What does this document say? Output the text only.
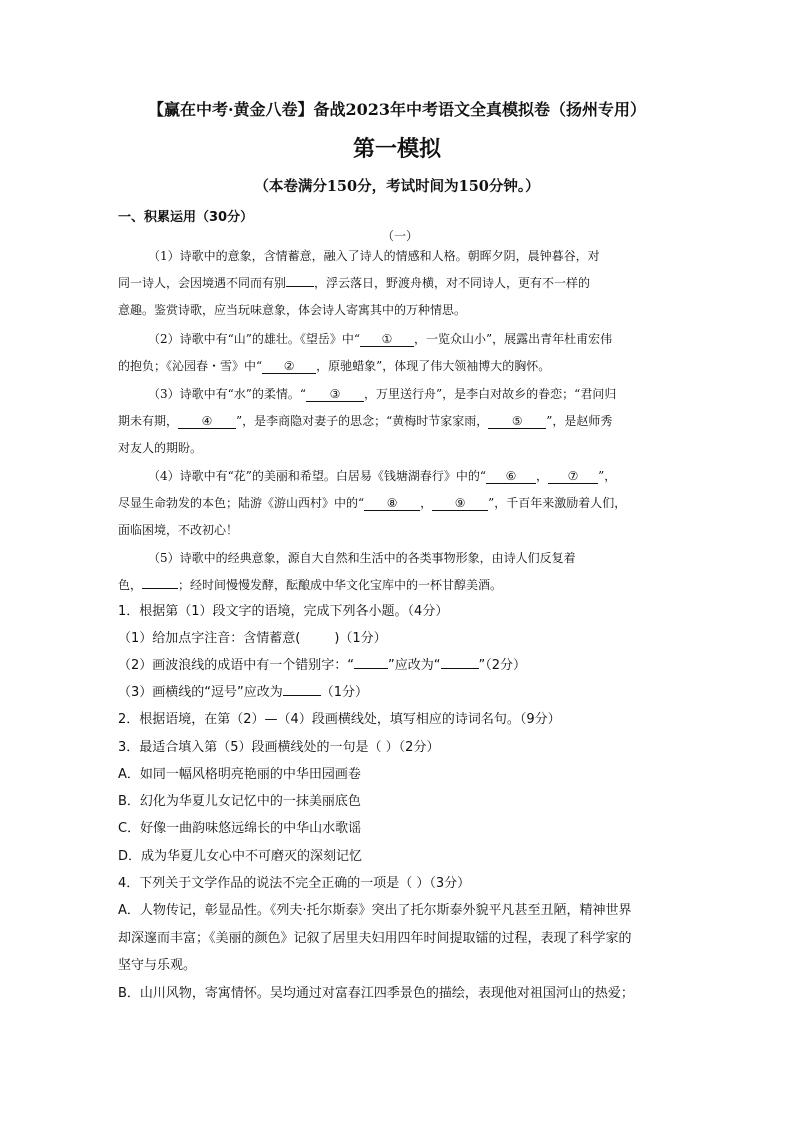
【赢在中考·黄金八卷】备战2023年中考语文全真模拟卷（扬州专用）
第一模拟
（本卷满分150分，考试时间为150分钟。）
一、积累运用（30分）
（一）
（1）诗歌中的意象，含情蓄意，融入了诗人的情感和人格。朝晖夕阴，晨钟暮谷，对
同一诗人，会因境遇不同而有别 ，浮云落日，野渡舟横，对不同诗人，更有不一样的
意趣。鉴赏诗歌，应当玩味意象，体会诗人寄寓其中的万种情思。
（2）诗歌中有“山”的雄壮。《望岳》中“ ① ，一览众山小”，展露出青年杜甫宏伟
的抱负；《沁园春・雪》中“ ② ，原驰蜡象”，体现了伟大领袖博大的胸怀。
（3）诗歌中有“水”的柔情。“ ③ ，万里送行舟”，是李白对故乡的眷恋；“君问归
期未有期， ④ ”，是李商隐对妻子的思念；“黄梅时节家家雨， ⑤ ”，是赵师秀
对友人的期盼。
（4）诗歌中有“花”的美丽和希望。白居易《钱塘湖春行》中的“ ⑥ ， ⑦ ”，
尽显生命勃发的本色；陆游《游山西村》中的“ ⑧ ， ⑨ ”，千百年来激励着人们，
面临困境，不改初心！
（5）诗歌中的经典意象，源自大自然和生活中的各类事物形象，由诗人们反复着
色，	；经时间慢慢发酵，酝酿成中华文化宝库中的一杯甘醇美酒。
1．根据第（1）段文字的语境，完成下列各小题。（4分）
（1）给加点字注音：含情蓄意(	)（1分）
（2）画波浪线的成语中有一个错别字：“	”应改为“	”（2分）
（3）画横线的“逗号”应改为	（1分）
2．根据语境，在第（2）—（4）段画横线处，填写相应的诗词名句。（9分）
3．最适合填入第（5）段画横线处的一句是（ ）（2分）
A．如同一幅风格明亮艳丽的中华田园画卷
B．幻化为华夏儿女记忆中的一抹美丽底色
C．好像一曲韵味悠远绵长的中华山水歌谣
D．成为华夏儿女心中不可磨灭的深刻记忆
4．下列关于文学作品的说法不完全正确的一项是（ ）（3分）
A．人物传记，彰显品性。《列夫·托尔斯泰》突出了托尔斯泰外貌平凡甚至丑陋，精神世界
却深邃而丰富；《美丽的颜色》记叙了居里夫妇用四年时间提取镭的过程，表现了科学家的
坚守与乐观。
B．山川风物，寄寓情怀。吴均通过对富春江四季景色的描绘，表现他对祖国河山的热爱；
